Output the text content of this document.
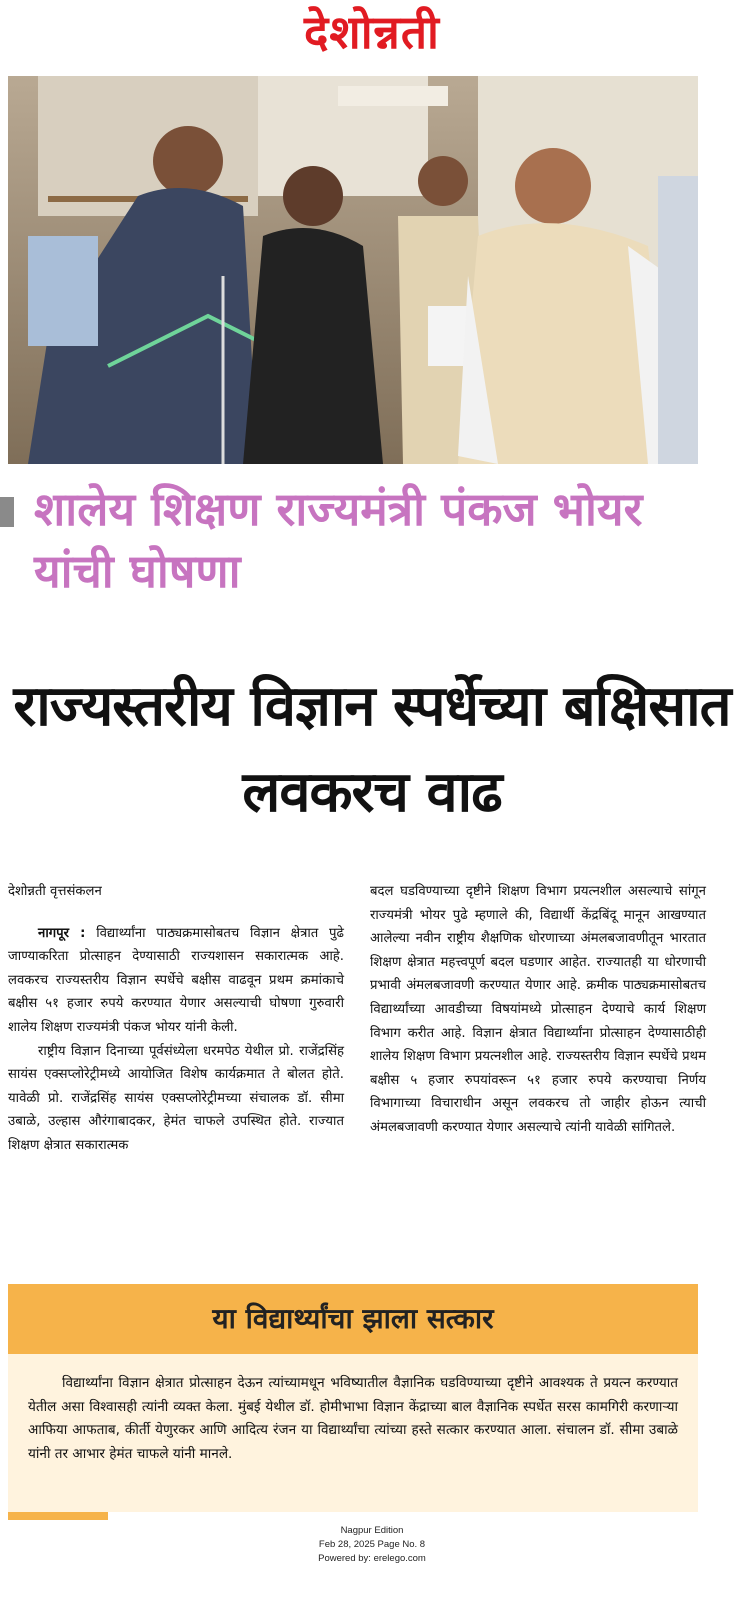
देशोन्नती
शालेय शिक्षण राज्यमंत्री पंकज भोयर यांची घोषणा
राज्यस्तरीय विज्ञान स्पर्धेच्या बक्षिसात लवकरच वाढ

देशोन्नती वृत्तसंकलन

नागपूर : विद्यार्थ्यांना पाठ्यक्रमासोबतच विज्ञान क्षेत्रात पुढे जाण्याकरिता प्रोत्साहन देण्यासाठी राज्यशासन सकारात्मक आहे. लवकरच राज्यस्तरीय विज्ञान स्पर्धेचे बक्षीस वाढवून प्रथम क्रमांकाचे बक्षीस ५१ हजार रुपये करण्यात येणार असल्याची घोषणा गुरुवारी शालेय शिक्षण राज्यमंत्री पंकज भोयर यांनी केली.

राष्ट्रीय विज्ञान दिनाच्या पूर्वसंध्येला धरमपेठ येथील प्रो. राजेंद्रसिंह सायंस एक्सप्लोरेट्रीमध्ये आयोजित विशेष कार्यक्रमात ते बोलत होते. यावेळी प्रो. राजेंद्रसिंह सायंस एक्सप्लोरेट्रीमच्या संचालक डॉ. सीमा उबाळे, उल्हास औरंगाबादकर, हेमंत चाफले उपस्थित होते. राज्यात शिक्षण क्षेत्रात सकारात्मक

बदल घडविण्याच्या दृष्टीने शिक्षण विभाग प्रयत्नशील असल्याचे सांगून राज्यमंत्री भोयर पुढे म्हणाले की, विद्यार्थी केंद्रबिंदू मानून आखण्यात आलेल्या नवीन राष्ट्रीय शैक्षणिक धोरणाच्या अंमलबजावणीतून भारतात शिक्षण क्षेत्रात महत्त्वपूर्ण बदल घडणार आहेत. राज्यातही या धोरणाची प्रभावी अंमलबजावणी करण्यात येणार आहे. क्रमीक पाठ्यक्रमासोबतच विद्यार्थ्यांच्या आवडीच्या विषयांमध्ये प्रोत्साहन देण्याचे कार्य शिक्षण विभाग करीत आहे. विज्ञान क्षेत्रात विद्यार्थ्यांना प्रोत्साहन देण्यासाठीही शालेय शिक्षण विभाग प्रयत्नशील आहे. राज्यस्तरीय विज्ञान स्पर्धेचे प्रथम बक्षीस ५ हजार रुपयांवरून ५१ हजार रुपये करण्याचा निर्णय विभागाच्या विचाराधीन असून लवकरच तो जाहीर होऊन त्याची अंमलबजावणी करण्यात येणार असल्याचे त्यांनी यावेळी सांगितले.

या विद्यार्थ्यांचा झाला सत्कार

विद्यार्थ्यांना विज्ञान क्षेत्रात प्रोत्साहन देऊन त्यांच्यामधून भविष्यातील वैज्ञानिक घडविण्याच्या दृष्टीने आवश्यक ते प्रयत्न करण्यात येतील असा विश्वासही त्यांनी व्यक्त केला. मुंबई येथील डॉ. होमीभाभा विज्ञान केंद्राच्या बाल वैज्ञानिक स्पर्धेत सरस कामगिरी करणाऱ्या आफिया आफताब, कीर्ती येणुरकर आणि आदित्य रंजन या विद्यार्थ्यांचा त्यांच्या हस्ते सत्कार करण्यात आला. संचालन डॉ. सीमा उबाळे यांनी तर आभार हेमंत चाफले यांनी मानले.

Nagpur Edition
Feb 28, 2025 Page No. 8
Powered by: erelego.com
